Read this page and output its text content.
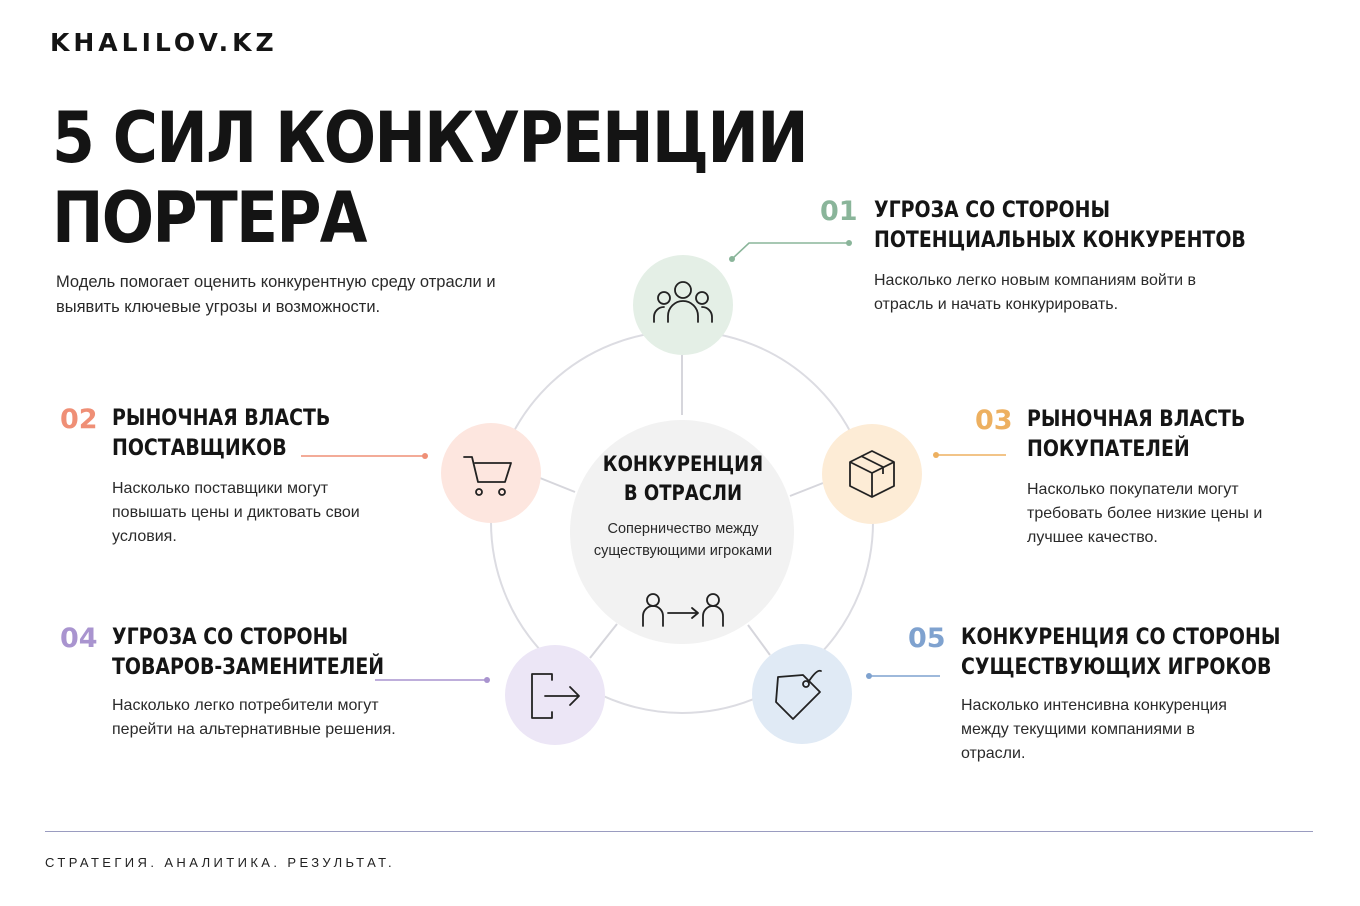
KHALILOV.KZ
5 СИЛ КОНКУРЕНЦИИ
ПОРТЕРА

Модель помогает оценить конкурентную среду отрасли и выявить ключевые угрозы и возможности.

КОНКУРЕНЦИЯ
В ОТРАСЛИ

Соперничество между существующими игроками

01 УГРОЗА СО СТОРОНЫ
ПОТЕНЦИАЛЬНЫХ КОНКУРЕНТОВ

Насколько легко новым компаниям войти в отрасль и начать конкурировать.

02 РЫНОЧНАЯ ВЛАСТЬ
ПОСТАВЩИКОВ

Насколько поставщики могут повышать цены и диктовать свои условия.

03 РЫНОЧНАЯ ВЛАСТЬ
ПОКУПАТЕЛЕЙ

Насколько покупатели могут требовать более низкие цены и лучшее качество.

04 УГРОЗА СО СТОРОНЫ
ТОВАРОВ-ЗАМЕНИТЕЛЕЙ

Насколько легко потребители могут перейти на альтернативные решения.

05 КОНКУРЕНЦИЯ СО СТОРОНЫ
СУЩЕСТВУЮЩИХ ИГРОКОВ

Насколько интенсивна конкуренция между текущими компаниями в отрасли.

СТРАТЕГИЯ. АНАЛИТИКА. РЕЗУЛЬТАТ.
